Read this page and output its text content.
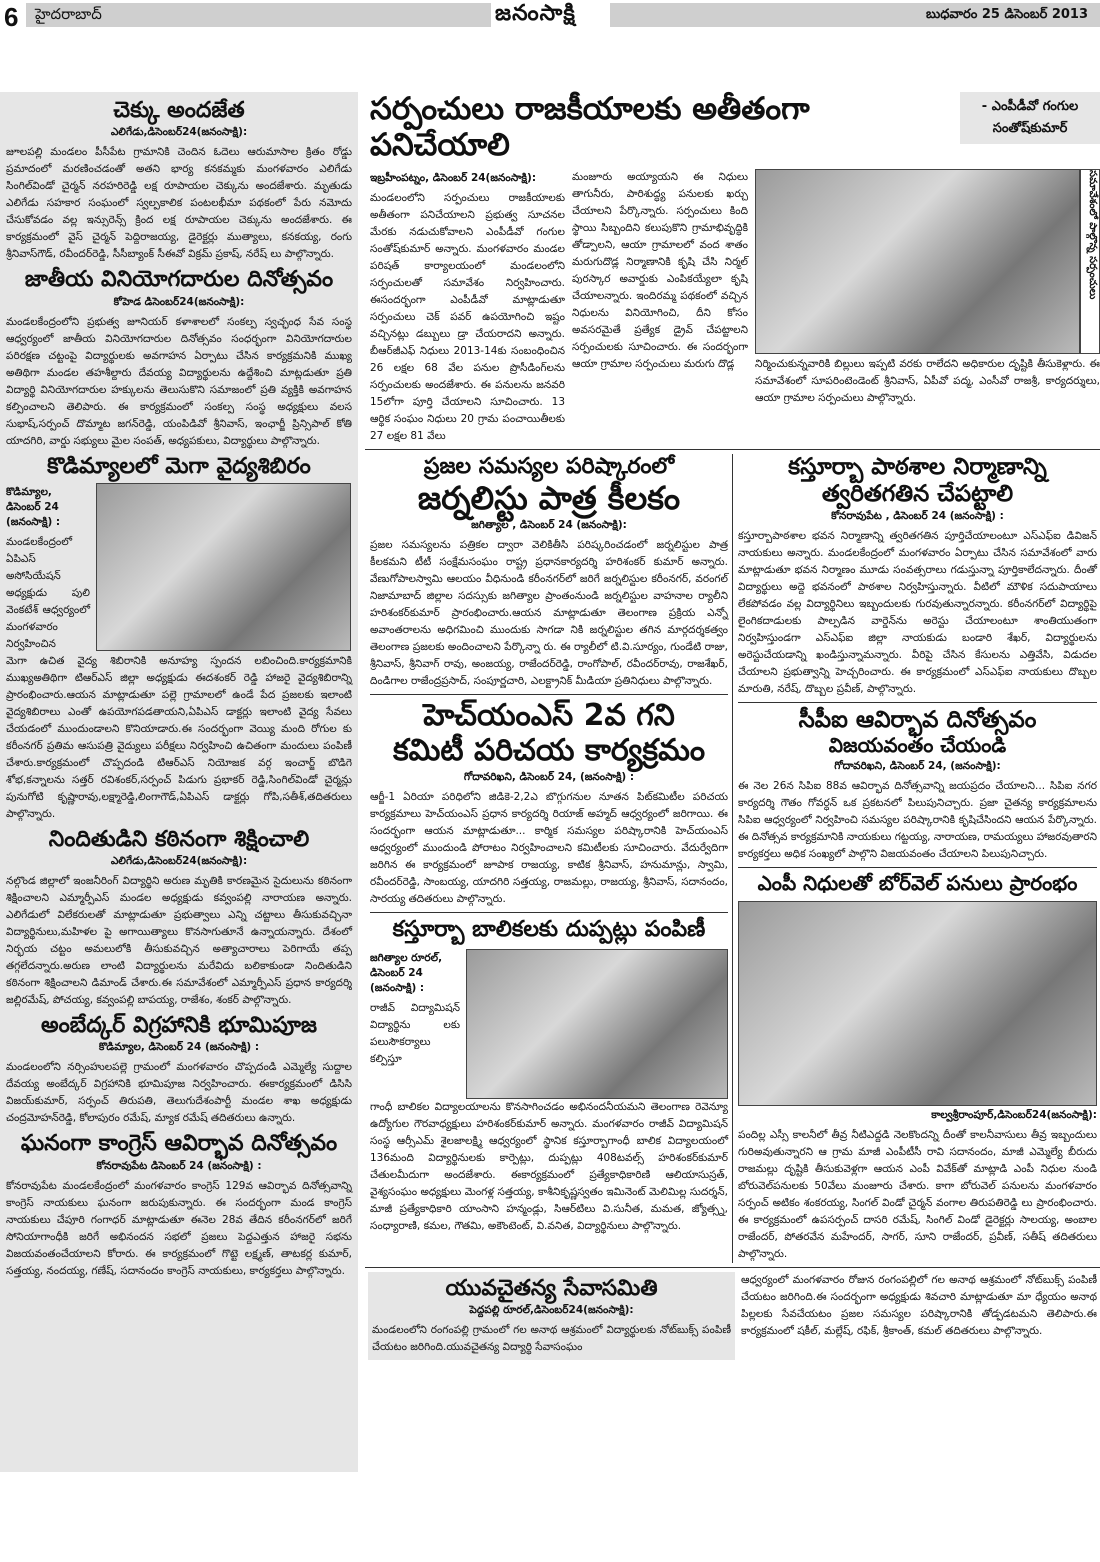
6 హైదరాబాద్	జనంసాక్షి	బుధవారం 25 డిసెంబర్ 2013
చెక్కు అందజేత
ఎలిగేడు,డిసెంబర్24(జనంసాక్షి):
జూలపల్లి మండలం పీసీపేట గ్రామానికి చెందిన ఓదెలు ఆరుమాసాల క్రితం రోడ్డు ప్రమాదంలో మరణించడంతో అతని భార్య కనకమ్మకు మంగళవారం ఎలిగేడు సింగిల్‌విండో చైర్మన్ నరహరిరెడ్డి లక్ష రూపాయల చెక్కును అందజేశారు. మృతుడు ఎలిగేడు సహకార సంఘంలో స్వల్పకాలిక పంటలభీమా పథకంలో పేరు నమోదు చేసుకోవడం వల్ల ఇన్సురెన్స్ క్రింద లక్ష రూపాయల చెక్కును అందజేశారు. ఈ కార్యక్రమంలో వైస్ చైర్మన్ పెద్దిరాజయ్య, డైరెక్టర్లు ముత్యాలు, కనకయ్య, రంగు శ్రీనివాస్‌గౌడ్, రవీందర్‌రెడ్డి, సీసీబ్యాంక్ సీఈవో విక్రమ్ ప్రకాష్, నరేష్ లు పాల్గొన్నారు.
జాతీయ వినియోగదారుల దినోత్సవం
కోహెడ డిసెంబర్24(జనంసాక్షి):
మండలకేంద్రంలోని ప్రభుత్వ జూనియర్ కళాశాలలో సంకల్ప స్వచ్ఛంధ సేవ సంస్థ ఆధ్వర్యంలో జాతీయ వినియోగదారుల దినోత్సవం సంధర్భంగా వినియోగదారుల పరిరక్షణ చట్టంపై విద్యార్థులకు అవగాహన ఏర్పాటు చేసిన కార్యక్రమనికి ముఖ్య అతిథిగా మండల తహశీల్దారు దేవయ్య విద్యార్థులను ఉద్దేశించి మాట్లడుతూ ప్రతి విద్యార్థి వినియోగదారుల హక్కులను తెలుసుకొని సమాజంలో ప్రతి వ్యక్తికి అవగాహన కల్పించాలని తెలిపారు. ఈ కార్యక్రమంలో సంకల్ప సంస్థ అధ్యక్షులు వలస సుభాష్,సర్పంచ్ దొమ్మాట జగన్‌రెడ్డి, యంపిడివో శ్రీనివాస్, ఇంఛార్జీ ప్రిన్సిపాల్ కోతి యాదగిరి, వార్డు సభ్యులు మైల సంపత్, అధ్యపకులు, విద్యార్థులు పాల్గొన్నారు.
కొడిమ్యాలలో మెగా వైద్యశిబిరం
కొడిమ్యాల, డిసెంబర్ 24 (జనంసాక్షి) :
మండలకేంద్రంలో ఏపిఎస్ అసోసియేషన్ అధ్యక్షుడు పులి వెంకటేశ్ ఆధ్వర్యంలో మంగళవారం నిర్వహించిన
మెగా ఉచిత వైద్య శిబిరానికి అనూహ్య స్పందన లబించింది.కార్యక్రమానికి ముఖ్యఅతిథిగా టిఆర్ఎస్ జిల్లా అధ్యక్షుడు ఈదశంకర్ రెడ్డి హాజరై వైద్యశిబిరాన్ని ప్రారంభించారు.ఆయన మాట్లాడుతూ పల్లె గ్రామాలలో ఉండే పేద ప్రజలకు ఇలాంటి వైద్యశిబిరాలు ఎంతో ఉపయోగపడతాయని,ఏపిఎస్ డాక్టర్లు ఇలాంటి వైద్య సేవలు చేయడంలో ముందుండాలని కొనియాడారు.ఈ సందర్భంగా వెయ్యి మంది రోగుల కు కరీంనగర్ ప్రతిమ ఆసుపత్రి వైద్యులు పరీక్షలు నిర్వహించి ఉచితంగా మందులు పంపిణీ చేశారు.కార్యక్రమంలో చొప్పదండి టిఆర్ఎస్ నియోజక వర్గ ఇంచార్జ్ బొడిగె శోభ,కన్నాలను సత్తర్ రవిశంకర్,సర్పంచ్ పిడుగు ప్రభాకర్ రెడ్డి,సింగిల్‌విండో చైర్మన్లు పునుగోటి కృష్ణారావు,లక్ష్మారెడ్డి,లింగాగౌడ్,ఏపిఎస్ డాక్టర్లు గోపి,సతీశ్,తదితరులు పాల్గొన్నారు.
నిందితుడిని కఠినంగా శిక్షించాలి
ఎలిగేడు,డిసెంబర్24(జనంసాక్షి):
నల్గొండ జిల్లాలో ఇంజనీరింగ్ విద్యార్థిని అరుణ మృతికి కారణమైన సైదులును కఠినంగా శిక్షించాలని ఎమ్మార్పీఎస్ మండల అధ్యక్షుడు కవ్వంపల్లి నారాయణ అన్నారు. ఎలిగేడులో విలేకరులతో మాట్లాడుతూ ప్రభుత్వాలు ఎన్ని చట్టాలు తీసుకువచ్చినా విద్యార్థినులు,మహిళల పై అగాయిత్యాలు కొనసాగుతూనే ఉన్నాయన్నారు. దేశంలో నిర్భయ చట్టం అమలులోకి తీసుకువచ్చిన అత్యాచారాలు పెరిగాయే తప్ప తగ్గలేదన్నారు.అరుణ లాంటి విద్యార్థులను మరేవిదు బలికాకుండా నిందితుడిని కఠినంగా శిక్షించాలని డిమాండ్ చేశారు.ఈ సమావేశంలో ఎమ్మార్పీఎస్ ప్రధాన కార్యదర్శి జల్లిరమేష్, పోచయ్య, కవ్వంపల్లి బాపయ్య, రాజేశం, శంకర్ పాల్గొన్నారు.
అంబేద్కర్ విగ్రహానికి భూమిపూజ
కొడిమ్యాల, డిసెంబర్ 24 (జనంసాక్షి) :
మండలంలోని నర్సింహులపల్లె గ్రామంలో మంగళవారం చొప్పదండి ఎమ్మెల్యే సుద్దాల దేవయ్య అంబేద్కర్ విగ్రహానికి భూమిపూజ నిర్వహించారు. ఈకార్యక్రమంలో డిసిసి విజయ్‌కుమార్, సర్పంచ్ తిరుపతి, తెలుగుదేశంపార్టీ మండల శాఖ అధ్యక్షుడు చంద్రమోహన్‌రెడ్డి, కోలాపురం రమేష్, మ్యాక రమేష్ తదితరులు ఉన్నారు.
ఘనంగా కాంగ్రెస్ ఆవిర్భావ దినోత్సవం
కోనరావుపేట డిసెంబర్ 24 (జనంసాక్షి) :
కోనరావుపేట మండలకేంద్రంలో మంగళవారం కాంగ్రెస్ 129వ ఆవిర్భావ దినోత్సవాన్ని కాంగ్రెస్ నాయకులు ఘనంగా జరుపుకున్నారు. ఈ సందర్భంగా మండ కాంగ్రెస్ నాయకులు చేపూరి గంగాధర్ మాట్లాడుతూ ఈనెల 28వ తేదిన కరీంనగర్‌లో జరిగే సోనియాగాంధీకి జరిగే అభినందన సభలో ప్రజలు పెద్దఎత్తున హాజరై సభను విజయవంతంచేయాలని కోరారు. ఈ కార్యక్రమంలో గొట్టె లక్ష్మణ్, తాటకర్ల కుమార్, సత్తయ్య, నందయ్య, గణేష్, సదానందం కాంగ్రెస్ నాయకులు, కార్యకర్తలు పాల్గొన్నారు.
సర్పంచులు రాజకీయాలకు అతీతంగా పనిచేయాలి
- ఎంపీడీవో గంగుల
సంతోష్‌కుమార్
ఇబ్రహీంపట్నం, డిసెంబర్ 24(జనంసాక్షి):
మండలంలోని సర్పంచులు రాజకీయాలకు అతీతంగా పనిచేయాలని ప్రభుత్వ సూచనల మేరకు నడుచుకోవాలని ఎంపీడీవో గంగుల సంతోష్‌కుమార్ అన్నారు. మంగళవారం మండల పరిషత్ కార్యాలయంలో మండలంలోని సర్పంచులతో సమావేశం నిర్వహించారు. ఈసందర్భంగా ఎంపీడీవో మాట్లాడుతూ సర్పంచులు చెక్ పవర్ ఉపయోగించి ఇష్టం వచ్చినట్లు డబ్బులు డ్రా చేయరాదని అన్నారు. బీఆర్‌జీఎఫ్ నిధులు 2013-14కు సంబంధించిన 26 లక్షల 68 వేల పనుల ప్రొసీడింగ్‌లను సర్పంచులకు అందజేశారు. ఈ పనులను జనవరి 15లోగా పూర్తి చేయాలని సూచించారు. 13 ఆర్థిక సంఘం నిధులు 20 గ్రామ పంచాయితీలకు 27 లక్షల 81 వేలు
మంజూరు అయ్యాయని ఈ నిధులు తాగునీరు, పారిశుద్ధ్య పనులకు ఖర్చు చేయాలని పేర్కొన్నారు. సర్పంచులు కింది స్థాయి సిబ్బందిని కలుపుకొని గ్రామాభివృద్ధికి తోడ్పాలని, ఆయా గ్రామాలలో వంద శాతం మరుగుదొడ్ల నిర్మాణానికి కృషి చేసి నిర్మల్ పురస్కార అవార్డుకు ఎంపికయ్యేలా కృషి చేయాలన్నారు. ఇందిరమ్మ పథకంలో వచ్చిన నిధులను వినియోగించి, దీని కోసం అవసరమైతే ప్రత్యేక డ్రైవ్ చేపట్టాలని సర్పంచులకు సూచించారు. ఈ సందర్భంగా ఆయా గ్రామాల సర్పంచులు మరుగు దొడ్ల
సమావేశంలో పాల్గొన్న సర్పంచులు
నిర్మించుకున్నవారికి బిల్లులు ఇప్పటి వరకు రాలేదని అధికారుల దృష్టికి తీసుకెళ్లారు. ఈ సమావేశంలో సూపరింటెండెంట్ శ్రీనివాస్, ఏపీవో పద్మ, ఎంసీవో రాజశ్రీ, కార్యదర్శులు, ఆయా గ్రామాల సర్పంచులు పాల్గొన్నారు.
ప్రజల సమస్యల పరిష్కారంలో
జర్నలిస్టు పాత్ర కీలకం
జగిత్యాల , డిసెంబర్ 24 (జనంసాక్షి):
ప్రజల సమస్యలను పత్రికల ద్వారా వెలికితీసి పరిష్కరించడంలో జర్నలిస్టుల పాత్ర కీలకమని టీటీ సంక్షేమసంఘం రాష్ట్ర ప్రధానకార్యదర్శి హరిశంకర్ కుమార్ అన్నారు. వేణుగోపాలస్వామి ఆలయం వీధినుండి కరీంనగర్‌లో జరిగే జర్నలిస్టుల కరీంనగర్, వరంగల్ నిజామాబాద్ జిల్లాల సదస్సుకు జగిత్యాల ప్రాంతంనుండి జర్నలిస్టుల వాహనాల ర్యాలీని హరిశంకర్‌కుమార్ ప్రారంభించారు.ఆయన మాట్లాడుతూ తెలంగాణ ప్రక్రియ ఎన్నో అవాంతరాలను అధిగమించి ముందుకు సాగడా నికి జర్నలిస్టుల తగిన మార్గదర్శకత్వం తెలంగాణ ప్రజలకు అందించాలని పేర్కొన్నా రు. ఈ ర్యాలీలో టి.వి.సూర్యం, గుండేటి రాజు, శ్రీనివాస్, శ్రీనివాగ్ రావు, అంజయ్య, రాజేందర్‌రెడ్డి, రాంగోపాల్, రవీందర్‌రావు, రాజశేఖర్, దిండిగాల రాజేంద్రప్రసాద్, సంపూర్ణచారి, ఎలక్ట్రానిక్ మీడియా ప్రతినిధులు పాల్గొన్నారు.
హెచ్‌యంఎస్ 2వ గని
కమిటీ పరిచయ కార్యక్రమం
గోదావరిఖని, డిసెంబర్ 24, (జనంసాక్షి) :
ఆర్జీ-1 ఏరియా పరిధిలోని జిడికె-2,2ఎ బొగ్గుగనుల నూతన పిట్‌కమిటీల పరిచయ కార్యక్రమాలు హెచ్‌యంఎస్ ప్రధాన కార్యదర్శి రియాజ్ అహ్మద్ ఆధ్వర్యంలో జరిగాయి. ఈ సందర్భంగా ఆయన మాట్లాడుతూ... కార్మిక సమస్యల పరిష్కారానికి హెచ్‌యంఎస్ ఆధ్వర్యంలో ముందుండి పోరాటం నిర్వహించాలని కమిటీలకు సూచించారు. వేదుర్వేదిగా జరిగిన ఈ కార్యక్రమంలో జూపాక రాజయ్య, కాటిక శ్రీనివాస్, హనుమాన్లు, స్వామి, రవీందర్‌రెడ్డి, సాంబయ్య, యాదగిరి సత్తయ్య, రాజమల్లు, రాజయ్య, శ్రీనివాస్, సదానందం, సారయ్య తదితరులు పాల్గొన్నారు.
కస్తూర్బా బాలికలకు దుప్పట్లు పంపిణీ
జగిత్యాల రూరల్, డిసెంబర్ 24 (జనంసాక్షి) :
రాజీవ్ విద్యామిషన్ విద్యార్థిను లకు పలుసౌకర్యాలు కల్పిస్తూ
గాంధీ బాలికల విద్యాలయాలను కొనసాగించడం అభినందనీయమని తెలంగాణ రెవెన్యూ ఉద్యోగుల గౌరవాధ్యక్షులు హరిశంకర్‌కుమార్ అన్నారు. మంగళవారం రాజీవ్ విద్యామిషన్ సంస్థ ఆర్సీఎమ్ శైలజాలక్ష్మి ఆధ్వర్యంలో స్థానిక కస్తూర్బాగాంధీ బాలిక విద్యాలయంలో 136మంది విద్యార్థినులకు కార్పెట్లు, దుప్పట్లు 408టవల్స్ హరిశంకర్‌కుమార్ చేతులమీదుగా అందజేశారు. ఈకార్యక్రమంలో ప్రత్యేకాధికారిణి ఆలియాసుస్రత్, వైశ్యసంఘం అధ్యక్షులు మెంగళ్ల సత్తయ్య, కాశీనికృష్ణస్వతం ఇమినెంట్ మెలిమిల్ల సుదర్శన్, మాజీ ప్రత్యేకాధికారి యాంసాని హన్మండ్లు, సిఆర్‌టిలు వి.సునీత, మమత, జ్యోత్స్న, సంధ్యారాణి, కమల, గౌతమి, అకౌంటెంట్, వి.వనిత, విద్యార్థినులు పాల్గొన్నారు.
కస్తూర్బా పాఠశాల నిర్మాణాన్ని
త్వరితగతిన చేపట్టాలి
కోనరావుపేట , డిసెంబర్ 24 (జనంసాక్షి) :
కస్తూర్బాపాఠశాల భవన నిర్మాణాన్ని త్వరితగతిన పూర్తిచేయాలంటూ ఎస్ఎఫ్ఐ డివిజన్ నాయకులు అన్నారు. మండలకేంద్రంలో మంగళవారం ఏర్పాటు చేసిన సమావేశంలో వారు మాట్లాడుతూ భవన నిర్మాణం మూడు సంవత్సరాలు గడుస్తున్నా పూర్తికాలేదన్నారు. దీంతో విద్యార్థులు అద్దె భవనంలో పాఠశాల నిర్వహిస్తున్నారు. వీటిలో మౌళిక సదుపాయాలు లేకపోవడం వల్ల విద్యార్థినిలు ఇబ్బందులకు గురవుతున్నారన్నారు. కరీంనగర్‌లో విద్యార్థిపై లైంగికదాడులకు పాల్పడిన వార్డెన్‌ను అరెస్టు చేయాలంటూ శాంతియుతంగా నిర్వహిస్తుండగా ఎస్ఎఫ్ఐ జిల్లా నాయకుడు బండారి శేఖర్, విద్యార్థులను అరెస్టుచేయడాన్ని ఖండిస్తున్నామన్నారు. వీరిపై చేసిన కేసులను ఎత్తివేసి, విడుదల చేయాలని ప్రభుత్వాన్ని హెచ్చరించారు. ఈ కార్యక్రమంలో ఎస్ఎఫ్ఐ నాయకులు దొబ్బల మారుతి, నరేష్, దొబ్బల ప్రవీణ్, పాల్గొన్నారు.
సీపీఐ ఆవిర్భావ దినోత్సవం
విజయవంతం చేయండి
గోదావరిఖని, డిసెంబర్ 24, (జనంసాక్షి):
ఈ నెల 26న సిపిఐ 88వ ఆవిర్భావ దినోత్సవాన్ని జయప్రదం చేయాలని... సిపిఐ నగర కార్యదర్శి గౌతం గోవర్ధన్ ఒక ప్రకటనలో పిలుపునిచ్చారు. ప్రజా చైతన్య కార్యక్రమాలను సిపిఐ ఆధ్వర్యంలో నిర్వహించి సమస్యల పరిష్కారానికి కృషిచేసిందని ఆయన పేర్కొన్నారు. ఈ దినోత్సవ కార్యక్రమానికి నాయకులు గట్టయ్య, నారాయణ, రామయ్యలు హాజరవుతారని కార్యకర్తలు అధిక సంఖ్యలో పాల్గొని విజయవంతం చేయాలని పిలుపునిచ్చారు.
ఎంపీ నిధులతో బోర్‌వెల్ పనులు ప్రారంభం
కాల్వశ్రీరాంపూర్,డిసెంబర్24(జనంసాక్షి):
పందిల్ల ఎస్సీ కాలనీలో తీవ్ర నీటిఎద్దడి నెలకొందన్ని దీంతో కాలనీవాసులు తీవ్ర ఇబ్బందులు గురిఅవుతున్నారని ఆ గ్రామ మాజీ ఎంపీటీసీ రావి సదానందం, మాజీ ఎమ్మెల్యే బీరుదు రాజమల్లు దృష్టికి తీసుకువెళ్లగా ఆయన ఎంపీ వివేక్‌తో మాట్లాడి ఎంపీ నిధుల నుండి బోరువెల్‌పనులకు 50వేలు మంజూరు చేశారు. కాగా బోరువెల్ పనులను మంగళవారం సర్పంచ్ అటికం శంకరయ్య, సింగల్ విండో చైర్మన్ వంగాల తిరుపతిరెడ్డి లు ప్రారంభించారు. ఈ కార్యక్రమంలో ఉపసర్పంచ్ దాసరి రమేష్, సింగిల్ విండో డైరెక్టర్లు సాలయ్య, అంబాల రాజేందర్, పోతరవేన మహేందర్, సాగర్, సూని రాజేందర్, ప్రవీణ్, సతీష్ తదితరులు పాల్గొన్నారు.
యువచైతన్య సేవాసమితి
పెద్దపల్లి రూరల్,డిసెంబర్24(జనంసాక్షి):
మండలంలోని రంగంపల్లి గ్రామంలో గల అనాథ ఆశ్రమంలో విద్యార్థులకు నోట్‌బుక్స్ పంపిణీ చేయటం జరిగింది.యువచైతన్య విద్యార్థి సేవాసంఘం
ఆధ్వర్యంలో మంగళవారం రోజున రంగంపల్లిలో గల అనాథ ఆశ్రమంలో నోట్‌బుక్స్ పంపిణీ చేయటం జరిగింది.ఈ సందర్భంగా అధ్యక్షుడు శివచారి మాట్లాడుతూ మా ధ్యేయం అనాథ పిల్లలకు సేవచేయటం ప్రజల సమస్యల పరిష్కారానికి తోడ్పడటమని తెలిపారు.ఈ కార్యక్రమంలో షకీల్, మల్లేష్, రఫిక్, శ్రీకాంత్, కమల్ తదితరులు పాల్గొన్నారు.
